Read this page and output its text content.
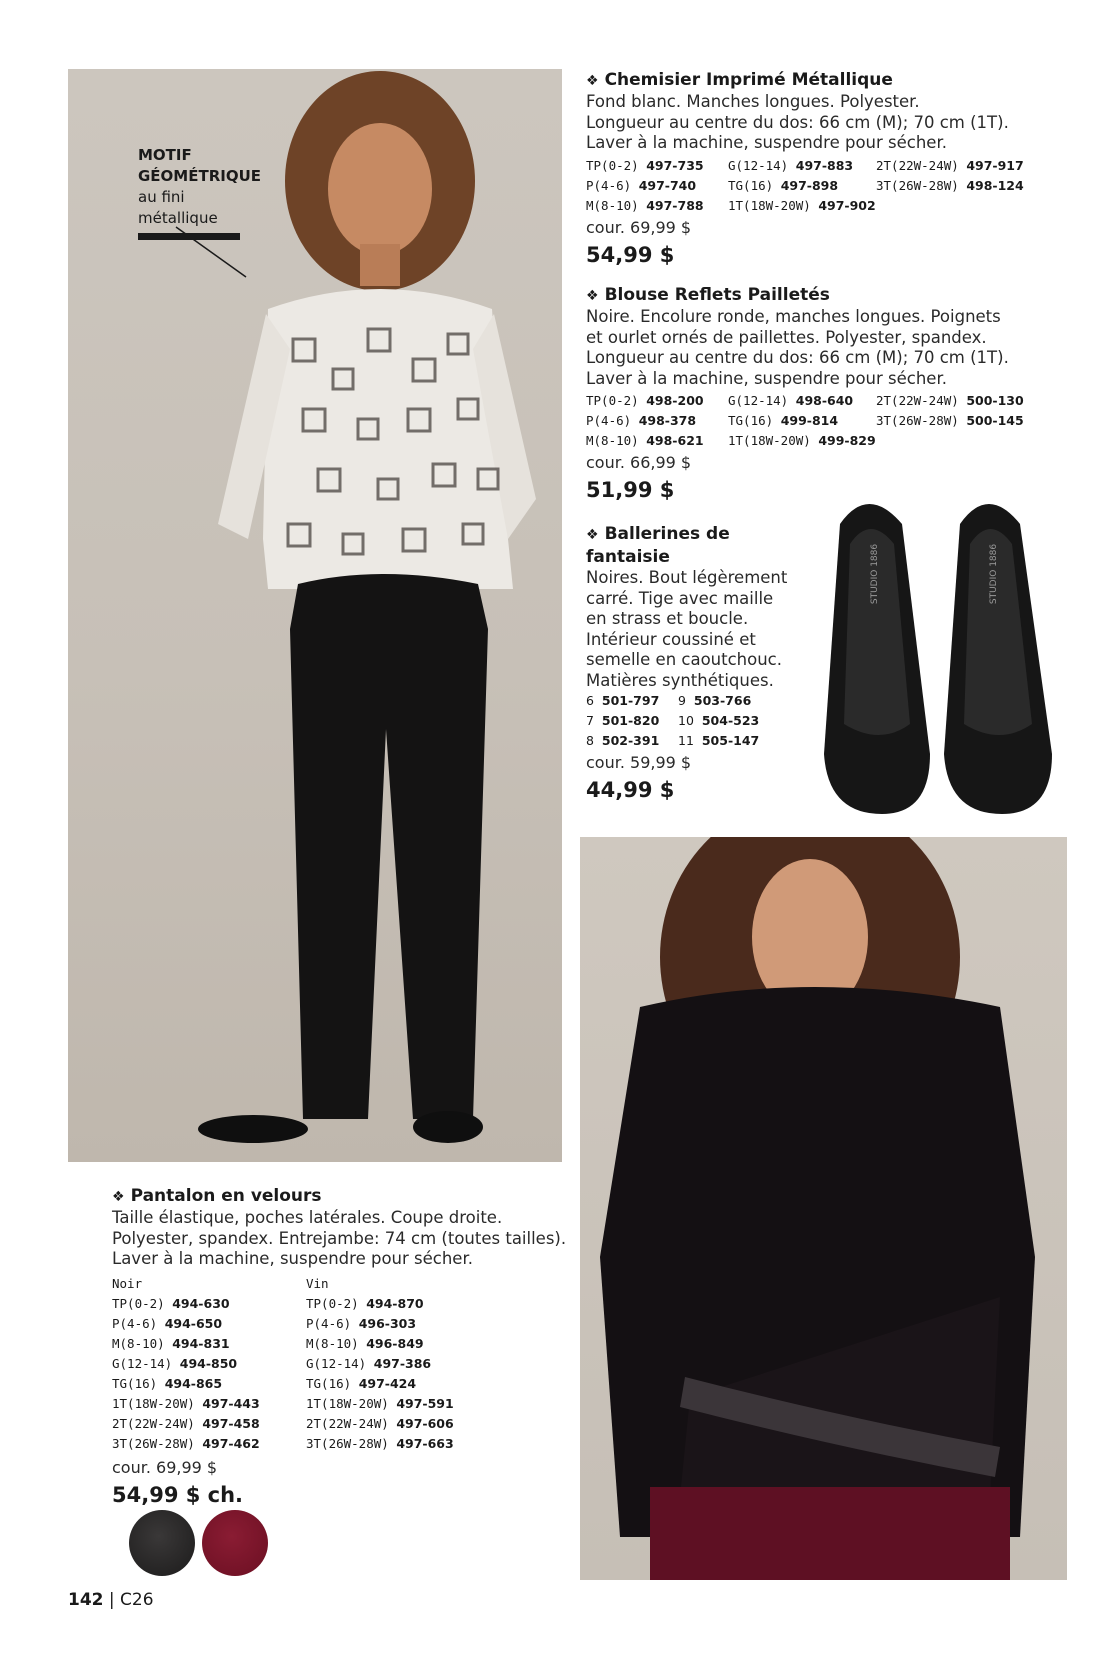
MOTIF
GÉOMÉTRIQUE
au fini
métallique
❖ Chemisier Imprimé Métallique
Fond blanc. Manches longues. Polyester.
Longueur au centre du dos: 66 cm (M); 70 cm (1T).
Laver à la machine, suspendre pour sécher.
TP(0-2) 497-735
P(4-6) 497-740
M(8-10) 497-788
G(12-14) 497-883
TG(16) 497-898
1T(18W-20W) 497-902
2T(22W-24W) 497-917
3T(26W-28W) 498-124
cour. 69,99 $
54,99 $
❖ Blouse Reflets Pailletés
Noire. Encolure ronde, manches longues. Poignets
et ourlet ornés de paillettes. Polyester, spandex.
Longueur au centre du dos: 66 cm (M); 70 cm (1T).
Laver à la machine, suspendre pour sécher.
TP(0-2) 498-200
P(4-6) 498-378
M(8-10) 498-621
G(12-14) 498-640
TG(16) 499-814
1T(18W-20W) 499-829
2T(22W-24W) 500-130
3T(26W-28W) 500-145
cour. 66,99 $
51,99 $
❖ Ballerines de fantaisie
Noires. Bout légèrement
carré. Tige avec maille
en strass et boucle.
Intérieur coussiné et
semelle en caoutchouc.
Matières synthétiques.
6 501-797
7 501-820
8 502-391
9 503-766
10 504-523
11 505-147
cour. 59,99 $
44,99 $
STUDIO 1886	STUDIO 1886
❖ Pantalon en velours
Taille élastique, poches latérales. Coupe droite.
Polyester, spandex. Entrejambe: 74 cm (toutes tailles).
Laver à la machine, suspendre pour sécher.
Noir
TP(0-2) 494-630
P(4-6) 494-650
M(8-10) 494-831
G(12-14) 494-850
TG(16) 494-865
1T(18W-20W) 497-443
2T(22W-24W) 497-458
3T(26W-28W) 497-462
Vin
TP(0-2) 494-870
P(4-6) 496-303
M(8-10) 496-849
G(12-14) 497-386
TG(16) 497-424
1T(18W-20W) 497-591
2T(22W-24W) 497-606
3T(26W-28W) 497-663
cour. 69,99 $
54,99 $ ch.
142 | C26
